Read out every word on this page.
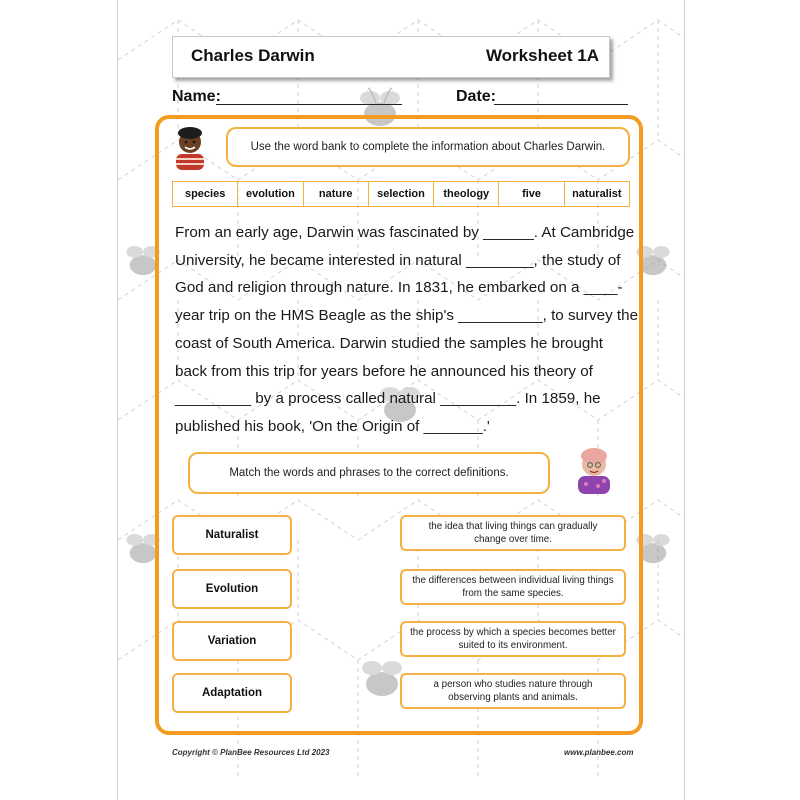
Charles Darwin	Worksheet 1A
Name:	Date:
Use the word bank to complete the information about Charles Darwin.
species	evolution	nature	selection	theology	five	naturalist
From an early age, Darwin was fascinated by ______. At Cambridge
University, he became interested in natural ________, the study of
God and religion through nature. In 1831, he embarked on a ____-
year trip on the HMS Beagle as the ship's __________, to survey the
coast of South America. Darwin studied the samples he brought
back from this trip for years before he announced his theory of
_________ by a process called natural _________. In 1859, he
published his book, 'On the Origin of _______.'
Match the words and phrases to the correct definitions.
Naturalist
Evolution
Variation
Adaptation
the idea that living things can gradually
change over time.
the differences between individual living things
from the same species.
the process by which a species becomes better
suited to its environment.
a person who studies nature through
observing plants and animals.
Copyright © PlanBee Resources Ltd 2023	www.planbee.com
